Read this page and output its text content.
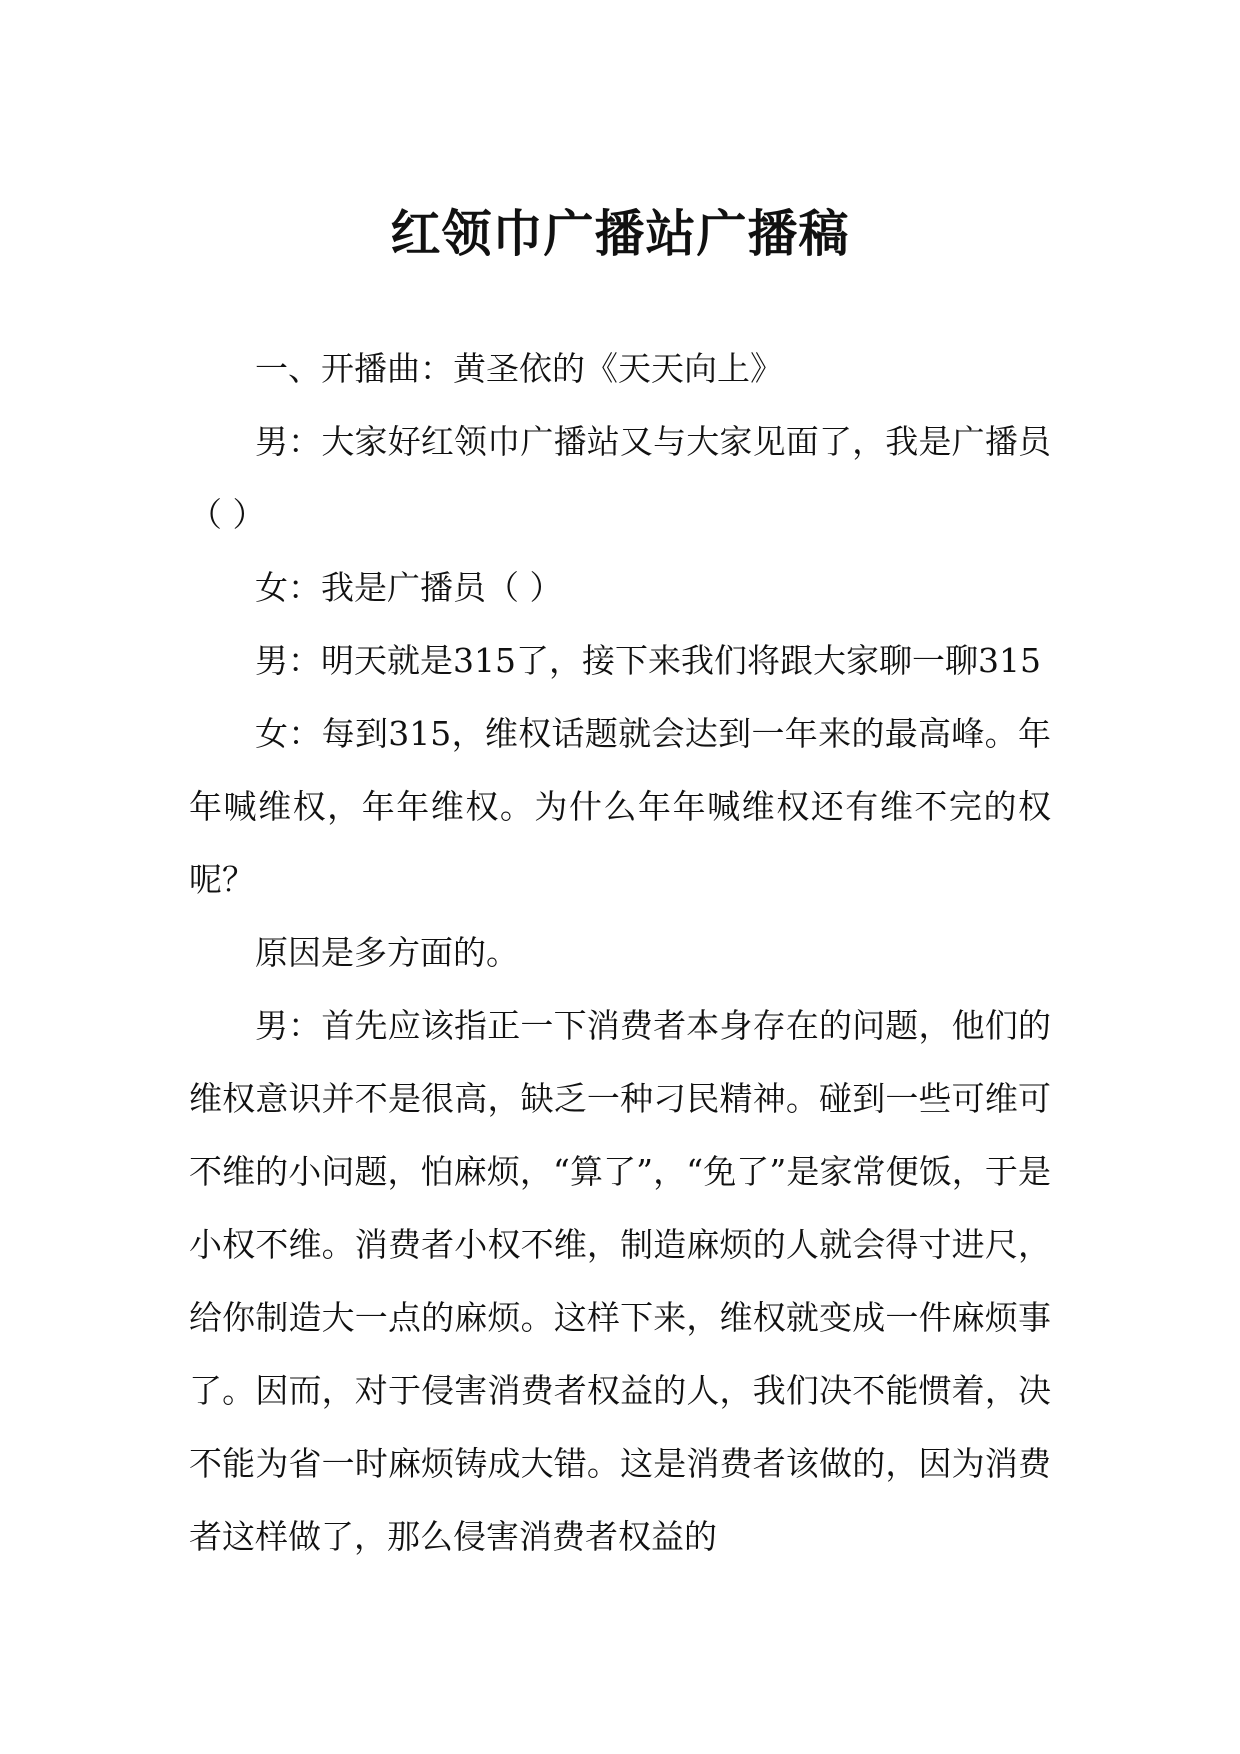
红领巾广播站广播稿

一、开播曲：黄圣依的《天天向上》

男：大家好红领巾广播站又与大家见面了，我是广播员（ ）

女：我是广播员（ ）

男：明天就是315了，接下来我们将跟大家聊一聊315

女：每到315，维权话题就会达到一年来的最高峰。年年喊维权，年年维权。为什么年年喊维权还有维不完的权呢？

原因是多方面的。

男：首先应该指正一下消费者本身存在的问题，他们的维权意识并不是很高，缺乏一种刁民精神。碰到一些可维可不维的小问题，怕麻烦，“算了”，“免了”是家常便饭，于是小权不维。消费者小权不维，制造麻烦的人就会得寸进尺，给你制造大一点的麻烦。这样下来，维权就变成一件麻烦事了。因而，对于侵害消费者权益的人，我们决不能惯着，决不能为省一时麻烦铸成大错。这是消费者该做的，因为消费者这样做了，那么侵害消费者权益的
